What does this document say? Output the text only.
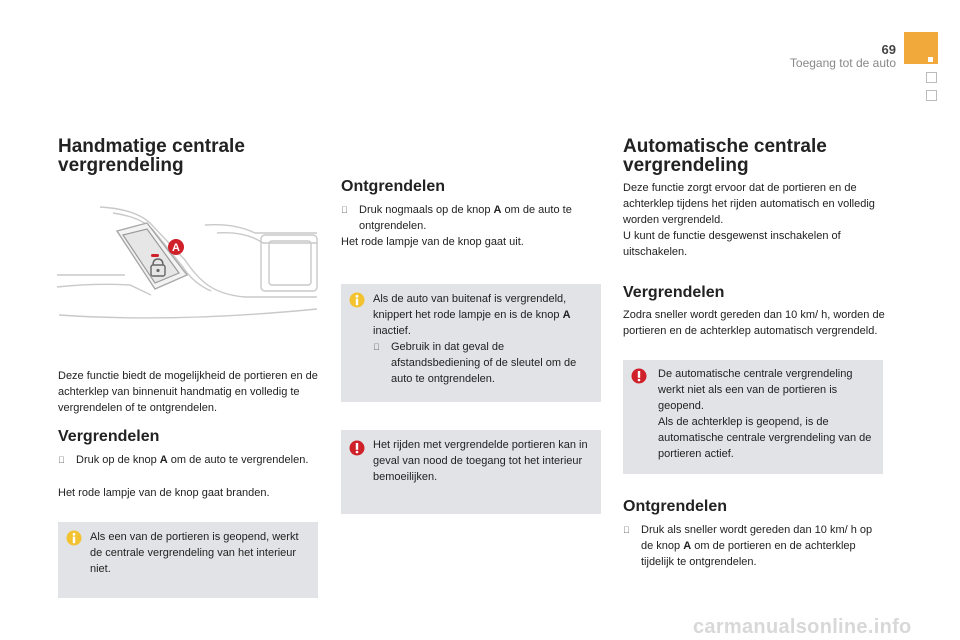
69
Toegang tot de auto
Handmatige centrale
vergrendeling
A
Deze functie biedt de mogelijkheid de portieren en de achterklep van binnenuit handmatig en volledig te vergrendelen of te ontgrendelen.
Vergrendelen
Druk op de knop A om de auto te vergrendelen.
Het rode lampje van de knop gaat branden.
Als een van de portieren is geopend, werkt de centrale vergrendeling van het interieur niet.
Ontgrendelen
Druk nogmaals op de knop A om de auto te ontgrendelen.
Het rode lampje van de knop gaat uit.
Als de auto van buitenaf is vergrendeld, knippert het rode lampje en is de knop A inactief.
Gebruik in dat geval de afstandsbediening of de sleutel om de auto te ontgrendelen.
Het rijden met vergrendelde portieren kan in geval van nood de toegang tot het interieur bemoeilijken.
Automatische centrale
vergrendeling
Deze functie zorgt ervoor dat de portieren en de achterklep tijdens het rijden automatisch en volledig worden vergrendeld.
U kunt de functie desgewenst inschakelen of uitschakelen.
Vergrendelen
Zodra sneller wordt gereden dan 10 km/ h, worden de portieren en de achterklep automatisch vergrendeld.
De automatische centrale vergrendeling werkt niet als een van de portieren is geopend.
Als de achterklep is geopend, is de automatische centrale vergrendeling van de portieren actief.
Ontgrendelen
Druk als sneller wordt gereden dan 10 km/ h op de knop A om de portieren en de achterklep tijdelijk te ontgrendelen.
carmanualsonline.info
